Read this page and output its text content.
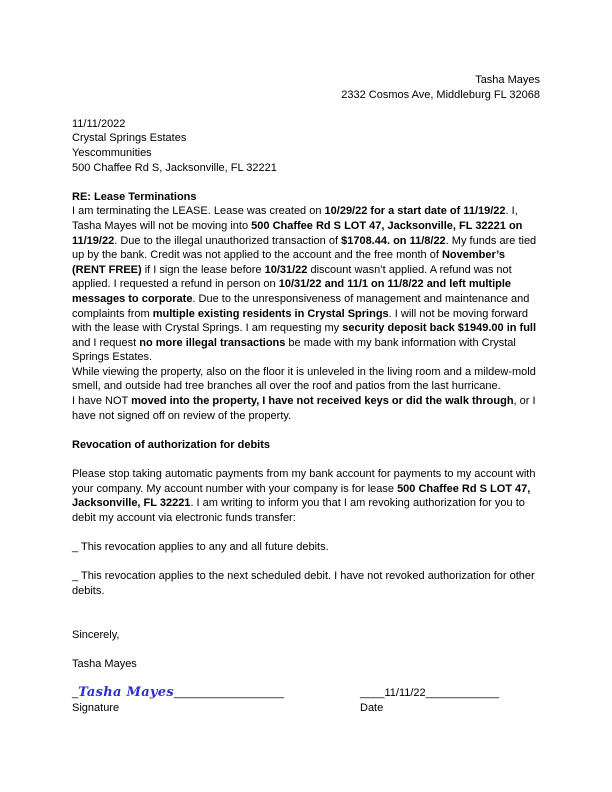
Tasha Mayes
2332 Cosmos Ave, Middleburg FL 32068
11/11/2022
Crystal Springs Estates
Yescommunities
500 Chaffee Rd S, Jacksonville, FL 32221
RE: Lease Terminations

I am terminating the LEASE. Lease was created on 10/29/22 for a start date of 11/19/22. I, Tasha Mayes will not be moving into 500 Chaffee Rd S LOT 47, Jacksonville, FL 32221 on 11/19/22. Due to the illegal unauthorized transaction of $1708.44. on 11/8/22. My funds are tied up by the bank. Credit was not applied to the account and the free month of November’s (RENT FREE) if I sign the lease before 10/31/22 discount wasn’t applied. A refund was not applied. I requested a refund in person on 10/31/22 and 11/1 on 11/8/22 and left multiple messages to corporate. Due to the unresponsiveness of management and maintenance and complaints from multiple existing residents in Crystal Springs. I will not be moving forward with the lease with Crystal Springs. I am requesting my security deposit back $1949.00 in full and I request no more illegal transactions be made with my bank information with Crystal Springs Estates.

While viewing the property, also on the floor it is unleveled in the living room and a mildew-mold smell, and outside had tree branches all over the roof and patios from the last hurricane.

I have NOT moved into the property, I have not received keys or did the walk through, or I have not signed off on review of the property.

Revocation of authorization for debits

Please stop taking automatic payments from my bank account for payments to my account with your company. My account number with your company is for lease 500 Chaffee Rd S LOT 47, Jacksonville, FL 32221. I am writing to inform you that I am revoking authorization for you to debit my account via electronic funds transfer:

_ This revocation applies to any and all future debits.

_ This revocation applies to the next scheduled debit. I have not revoked authorization for other debits.

Sincerely,
Tasha Mayes
_Tasha Mayes__________________	____11/11/22____________
Signature	Date
